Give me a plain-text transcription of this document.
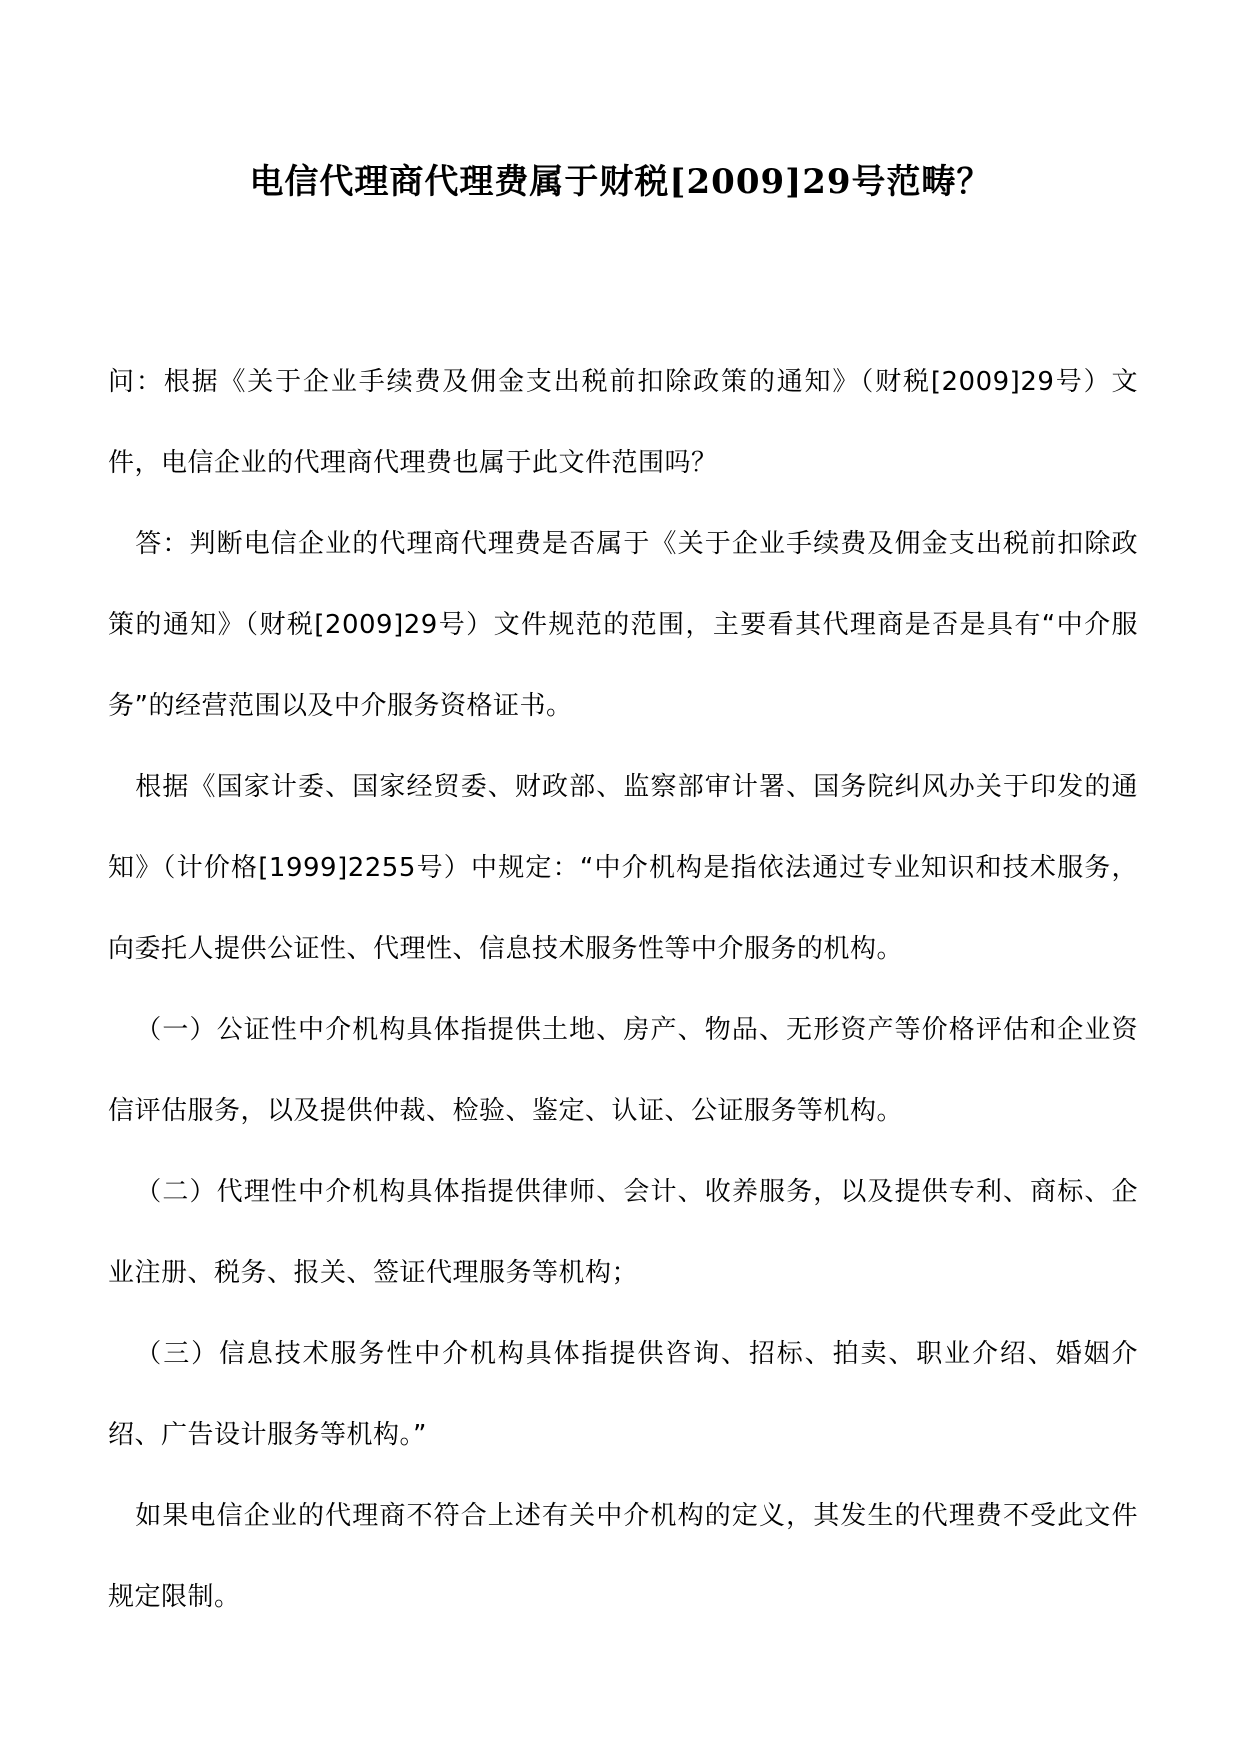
电信代理商代理费属于财税[2009]29号范畴？

问：根据《关于企业手续费及佣金支出税前扣除政策的通知》（财税[2009]29号）文件，电信企业的代理商代理费也属于此文件范围吗？

答：判断电信企业的代理商代理费是否属于《关于企业手续费及佣金支出税前扣除政策的通知》（财税[2009]29号）文件规范的范围，主要看其代理商是否是具有“中介服务”的经营范围以及中介服务资格证书。

根据《国家计委、国家经贸委、财政部、监察部审计署、国务院纠风办关于印发的通知》（计价格[1999]2255号）中规定：“中介机构是指依法通过专业知识和技术服务，向委托人提供公证性、代理性、信息技术服务性等中介服务的机构。

（一）公证性中介机构具体指提供土地、房产、物品、无形资产等价格评估和企业资信评估服务，以及提供仲裁、检验、鉴定、认证、公证服务等机构。

（二）代理性中介机构具体指提供律师、会计、收养服务，以及提供专利、商标、企业注册、税务、报关、签证代理服务等机构；

（三）信息技术服务性中介机构具体指提供咨询、招标、拍卖、职业介绍、婚姻介绍、广告设计服务等机构。”

如果电信企业的代理商不符合上述有关中介机构的定义，其发生的代理费不受此文件规定限制。
